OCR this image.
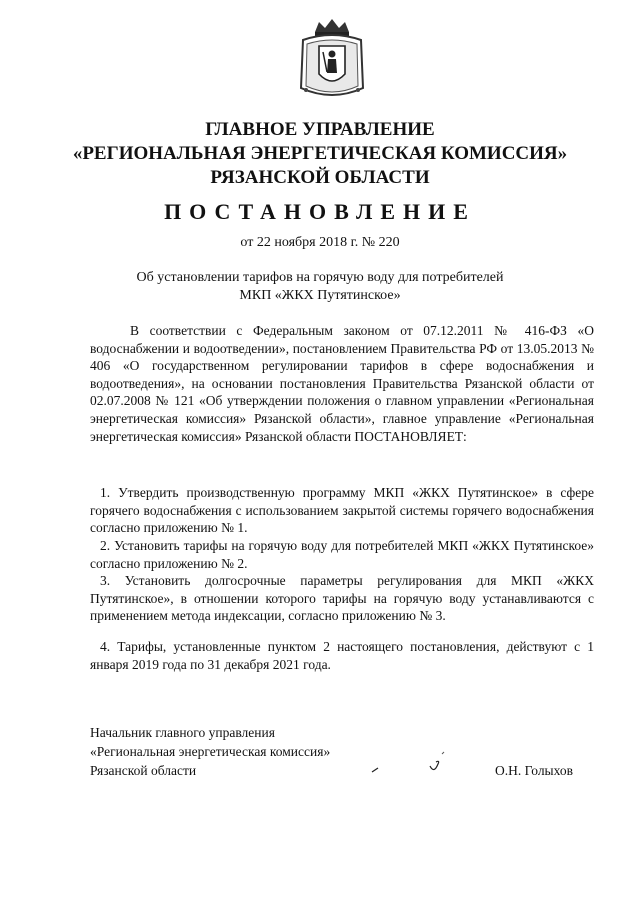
ГЛАВНОЕ УПРАВЛЕНИЕ
«РЕГИОНАЛЬНАЯ ЭНЕРГЕТИЧЕСКАЯ КОМИССИЯ»
РЯЗАНСКОЙ ОБЛАСТИ
ПОСТАНОВЛЕНИЕ
от 22 ноября 2018 г. № 220
Об установлении тарифов на горячую воду для потребителей
МКП «ЖКХ Путятинское»
В соответствии с Федеральным законом от 07.12.2011 № 416-ФЗ «О водоснабжении и водоотведении», постановлением Правительства РФ от 13.05.2013 № 406 «О государственном регулировании тарифов в сфере водоснабжения и водоотведения», на основании постановления Правительства Рязанской области от 02.07.2008 № 121 «Об утверждении положения о главном управлении «Региональная энергетическая комиссия» Рязанской области», главное управление «Региональная энергетическая комиссия» Рязанской области ПОСТАНОВЛЯЕТ:
1. Утвердить производственную программу МКП «ЖКХ Путятинское» в сфере горячего водоснабжения с использованием закрытой системы горячего водоснабжения согласно приложению № 1.
2. Установить тарифы на горячую воду для потребителей МКП «ЖКХ Путятинское» согласно приложению № 2.
3. Установить долгосрочные параметры регулирования для МКП «ЖКХ Путятинское», в отношении которого тарифы на горячую воду устанавливаются с применением метода индексации, согласно приложению № 3.
4. Тарифы, установленные пунктом 2 настоящего постановления, действуют с 1 января 2019 года по 31 декабря 2021 года.
Начальник главного управления
«Региональная энергетическая комиссия»
Рязанской области	О.Н. Голыхов
